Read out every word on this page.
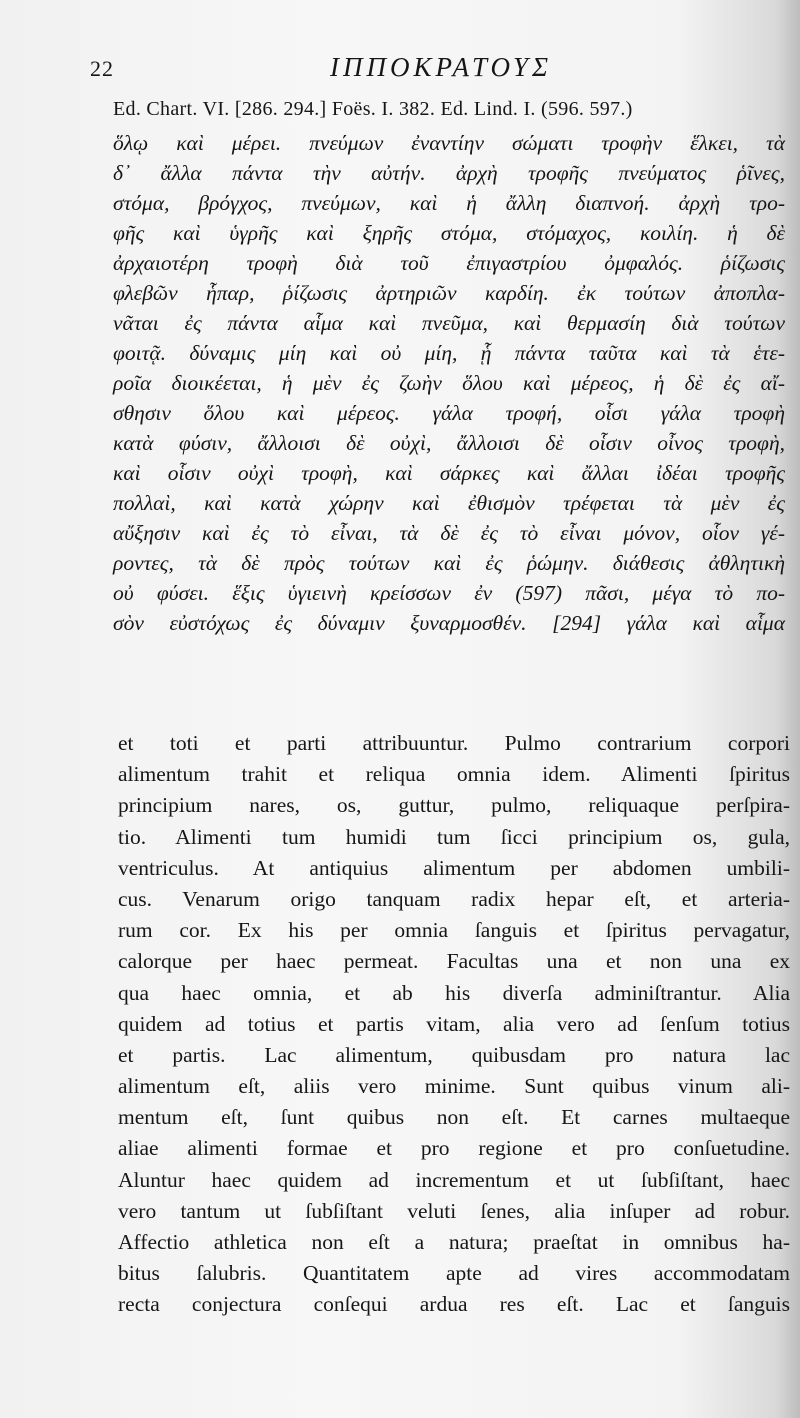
22	ΙΠΠΟΚΡΑΤΟΥΣ
Ed. Chart. VI. [286. 294.] Foës. I. 382. Ed. Lind. I. (596. 597.)
ὅλῳ καὶ μέρει. πνεύμων ἐναντίην σώματι τροφὴν ἕλκει, τὰ
δ᾽ ἄλλα πάντα τὴν αὐτήν. ἀρχὴ τροφῆς πνεύματος ῥῖνες,
στόμα, βρόγχος, πνεύμων, καὶ ἡ ἄλλη διαπνοή. ἀρχὴ τρο-
φῆς καὶ ὑγρῆς καὶ ξηρῆς στόμα, στόμαχος, κοιλίη. ἡ δὲ
ἀρχαιοτέρη τροφὴ διὰ τοῦ ἐπιγαστρίου ὀμφαλός. ῥίζωσις
φλεβῶν ἧπαρ, ῥίζωσις ἀρτηριῶν καρδίη. ἐκ τούτων ἀποπλα-
νᾶται ἐς πάντα αἷμα καὶ πνεῦμα, καὶ θερμασίη διὰ τούτων
φοιτᾷ. δύναμις μίη καὶ οὐ μίη, ᾗ πάντα ταῦτα καὶ τὰ ἑτε-
ροῖα διοικέεται, ἡ μὲν ἐς ζωὴν ὅλου καὶ μέρεος, ἡ δὲ ἐς αἴ-
σθησιν ὅλου καὶ μέρεος. γάλα τροφή, οἷσι γάλα τροφὴ
κατὰ φύσιν, ἄλλοισι δὲ οὐχὶ, ἄλλοισι δὲ οἷσιν οἶνος τροφὴ,
καὶ οἷσιν οὐχὶ τροφὴ, καὶ σάρκες καὶ ἄλλαι ἰδέαι τροφῆς
πολλαὶ, καὶ κατὰ χώρην καὶ ἐθισμὸν τρέφεται τὰ μὲν ἐς
αὔξησιν καὶ ἐς τὸ εἶναι, τὰ δὲ ἐς τὸ εἶναι μόνον, οἷον γέ-
ροντες, τὰ δὲ πρὸς τούτων καὶ ἐς ῥώμην. διάθεσις ἀθλητικὴ
οὐ φύσει. ἕξις ὑγιεινὴ κρείσσων ἐν (597) πᾶσι, μέγα τὸ πο-
σὸν εὐστόχως ἐς δύναμιν ξυναρμοσθέν. [294] γάλα καὶ αἷμα
et toti et parti attribuuntur. Pulmo contrarium corpori
alimentum trahit et reliqua omnia idem. Alimenti ſpiritus
principium nares, os, guttur, pulmo, reliquaque perſpira-
tio. Alimenti tum humidi tum ſicci principium os, gula,
ventriculus. At antiquius alimentum per abdomen umbili-
cus. Venarum origo tanquam radix hepar eſt, et arteria-
rum cor. Ex his per omnia ſanguis et ſpiritus pervagatur,
calorque per haec permeat. Facultas una et non una ex
qua haec omnia, et ab his diverſa adminiſtrantur. Alia
quidem ad totius et partis vitam, alia vero ad ſenſum totius
et partis. Lac alimentum, quibusdam pro natura lac
alimentum eſt, aliis vero minime. Sunt quibus vinum ali-
mentum eſt, ſunt quibus non eſt. Et carnes multaeque
aliae alimenti formae et pro regione et pro conſuetudine.
Aluntur haec quidem ad incrementum et ut ſubſiſtant, haec
vero tantum ut ſubſiſtant veluti ſenes, alia inſuper ad robur.
Affectio athletica non eſt a natura; praeſtat in omnibus ha-
bitus ſalubris. Quantitatem apte ad vires accommodatam
recta conjectura conſequi ardua res eſt. Lac et ſanguis
